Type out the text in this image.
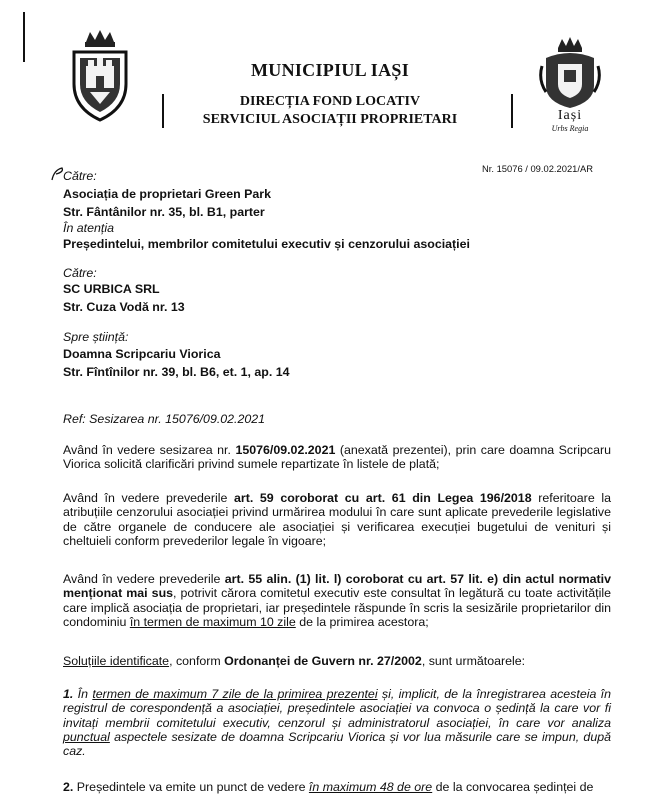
MUNICIPIUL IAȘI
DIRECȚIA FOND LOCATIV
SERVICIUL ASOCIAȚII PROPRIETARI	Iași
Urbs Regia
Nr. 15076 / 09.02.2021/AR
Către:
Asociația de proprietari Green Park
Str. Fântânilor nr. 35, bl. B1, parter
În atenția
Președintelui, membrilor comitetului executiv și cenzorului asociației
Către:
SC URBICA SRL
Str. Cuza Vodă nr. 13
Spre știință:
Doamna Scripcariu Viorica
Str. Fîntînilor nr. 39, bl. B6, et. 1, ap. 14
Ref: Sesizarea nr. 15076/09.02.2021
Având în vedere sesizarea nr. 15076/09.02.2021 (anexată prezentei), prin care doamna Scripcaru Viorica solicită clarificări privind sumele repartizate în listele de plată;
Având în vedere prevederile art. 59 coroborat cu art. 61 din Legea 196/2018 referitoare la atribuțiile cenzorului asociației privind urmărirea modului în care sunt aplicate prevederile legislative de către organele de conducere ale asociației și verificarea execuției bugetului de venituri și cheltuieli conform prevederilor legale în vigoare;
Având în vedere prevederile art. 55 alin. (1) lit. l) coroborat cu art. 57 lit. e) din actul normativ menționat mai sus, potrivit cărora comitetul executiv este consultat în legătură cu toate activitățile care implică asociația de proprietari, iar președintele răspunde în scris la sesizările proprietarilor din condominiu în termen de maximum 10 zile de la primirea acestora;
Soluțiile identificate, conform Ordonanței de Guvern nr. 27/2002, sunt următoarele:
1. În termen de maximum 7 zile de la primirea prezentei și, implicit, de la înregistrarea acesteia în registrul de corespondență a asociației, președintele asociației va convoca o ședință la care vor fi invitați membrii comitetului executiv, cenzorul și administratorul asociației, în care vor analiza punctual aspectele sesizate de doamna Scripcariu Viorica și vor lua măsurile care se impun, după caz.
2. Președintele va emite un punct de vedere în maximum 48 de ore de la convocarea ședinței de
